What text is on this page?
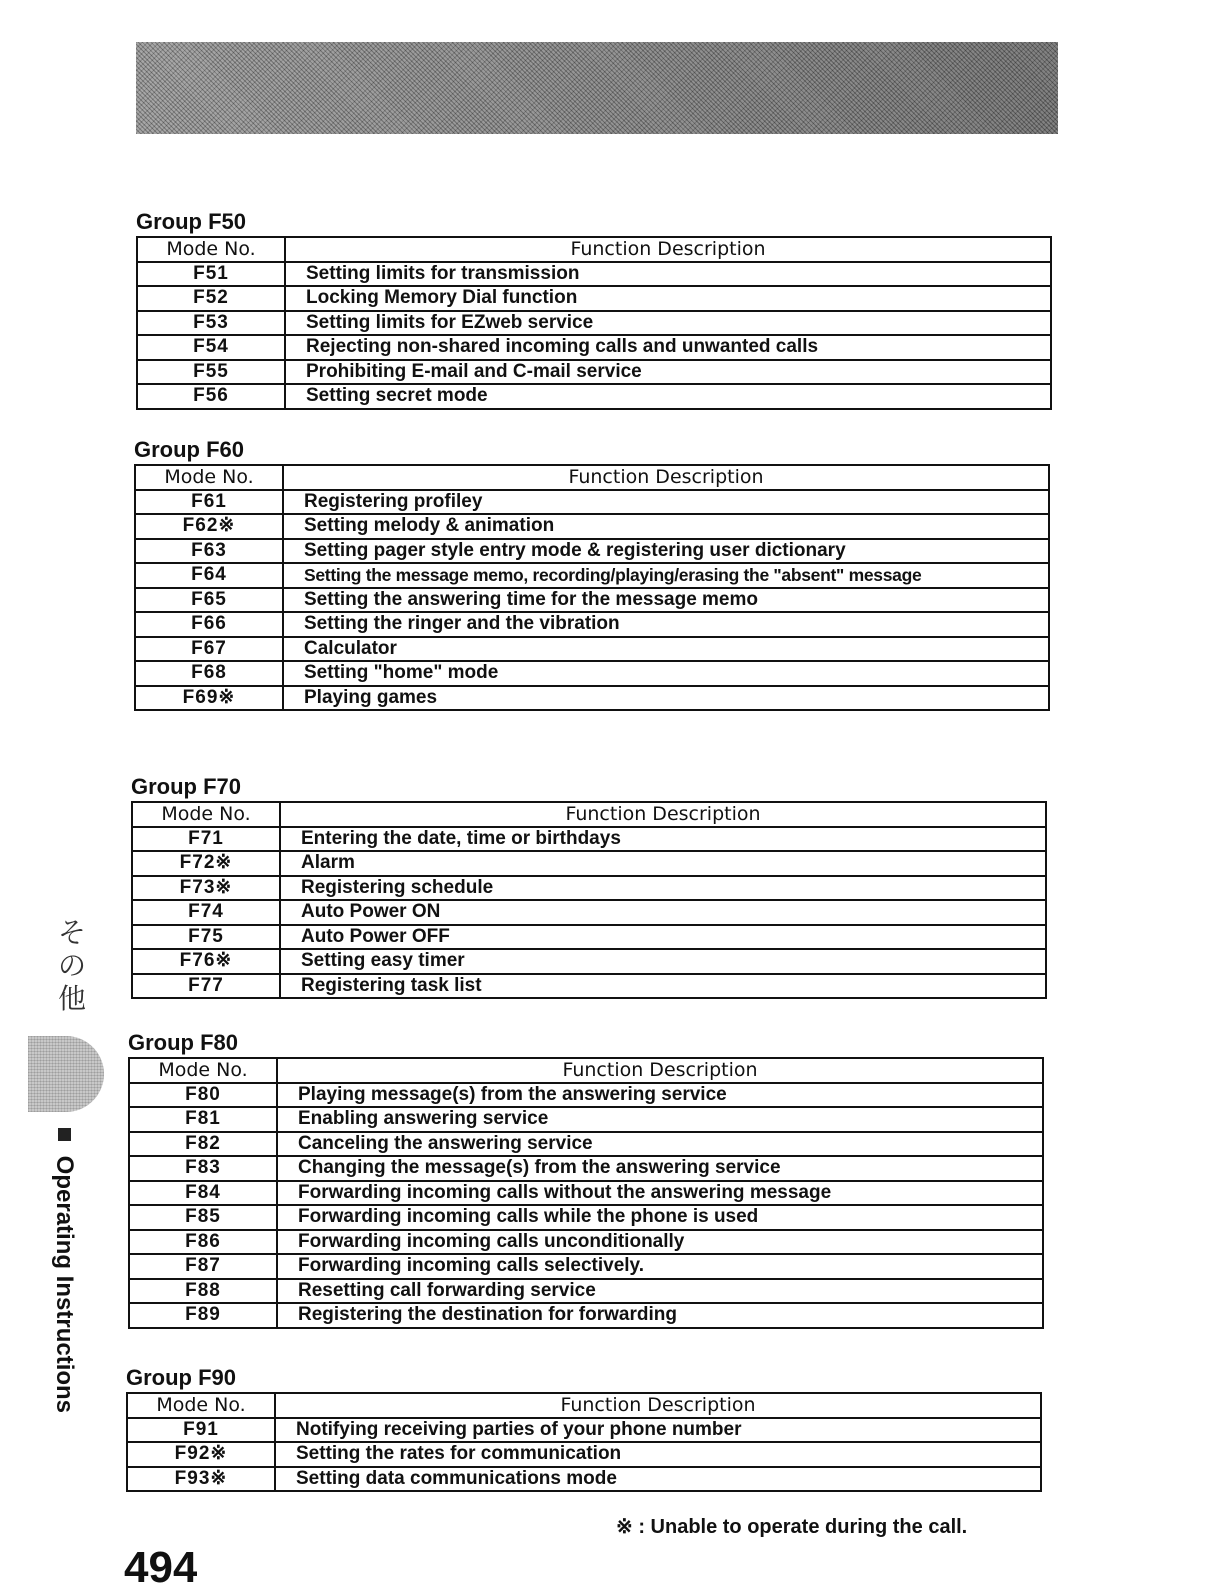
そ
の
他
Operating Instructions
Group F50
Mode No.	Function Description
F51	Setting limits for transmission
F52	Locking Memory Dial function
F53	Setting limits for EZweb service
F54	Rejecting non-shared incoming calls and unwanted calls
F55	Prohibiting E-mail and C-mail service
F56	Setting secret mode
Group F60
Mode No.	Function Description
F61	Registering profiley
F62※	Setting melody & animation
F63	Setting pager style entry mode & registering user dictionary
F64	Setting the message memo, recording/playing/erasing the "absent" message
F65	Setting the answering time for the message memo
F66	Setting the ringer and the vibration
F67	Calculator
F68	Setting "home" mode
F69※	Playing games
Group F70
Mode No.	Function Description
F71	Entering the date, time or birthdays
F72※	Alarm
F73※	Registering schedule
F74	Auto Power ON
F75	Auto Power OFF
F76※	Setting easy timer
F77	Registering task list
Group F80
Mode No.	Function Description
F80	Playing message(s) from the answering service
F81	Enabling answering service
F82	Canceling the answering service
F83	Changing the message(s) from the answering service
F84	Forwarding incoming calls without the answering message
F85	Forwarding incoming calls while the phone is used
F86	Forwarding incoming calls unconditionally
F87	Forwarding incoming calls selectively.
F88	Resetting call forwarding service
F89	Registering the destination for forwarding
Group F90
Mode No.	Function Description
F91	Notifying receiving parties of your phone number
F92※	Setting the rates for communication
F93※	Setting data communications mode
※ : Unable to operate during the call.
494
